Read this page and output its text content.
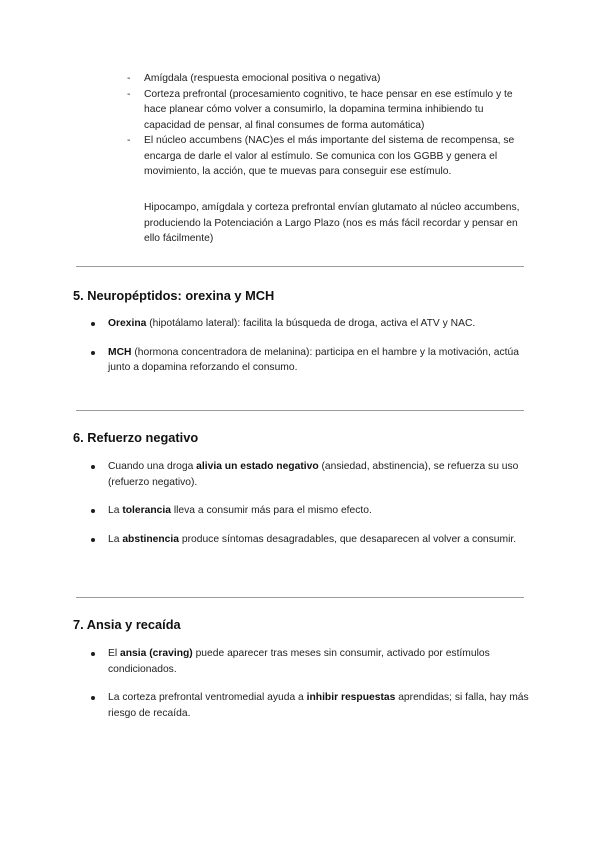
-	Amígdala (respuesta emocional positiva o negativa)
-	Corteza prefrontal (procesamiento cognitivo, te hace pensar en ese estímulo y te hace planear cómo volver a consumirlo, la dopamina termina inhibiendo tu capacidad de pensar, al final consumes de forma automática)
-	El núcleo accumbens (NAC)es el más importante del sistema de recompensa, se encarga de darle el valor al estímulo. Se comunica con los GGBB y genera el movimiento, la acción, que te muevas para conseguir ese estímulo.

Hipocampo, amígdala y corteza prefrontal envían glutamato al núcleo accumbens, produciendo la Potenciación a Largo Plazo (nos es más fácil recordar y pensar en ello fácilmente)

5. Neuropéptidos: orexina y MCH
Orexina (hipotálamo lateral): facilita la búsqueda de droga, activa el ATV y NAC.
MCH (hormona concentradora de melanina): participa en el hambre y la motivación, actúa junto a dopamina reforzando el consumo.
6. Refuerzo negativo
Cuando una droga alivia un estado negativo (ansiedad, abstinencia), se refuerza su uso (refuerzo negativo).
La tolerancia lleva a consumir más para el mismo efecto.
La abstinencia produce síntomas desagradables, que desaparecen al volver a consumir.
7. Ansia y recaída
El ansia (craving) puede aparecer tras meses sin consumir, activado por estímulos condicionados.
La corteza prefrontal ventromedial ayuda a inhibir respuestas aprendidas; si falla, hay más riesgo de recaída.
